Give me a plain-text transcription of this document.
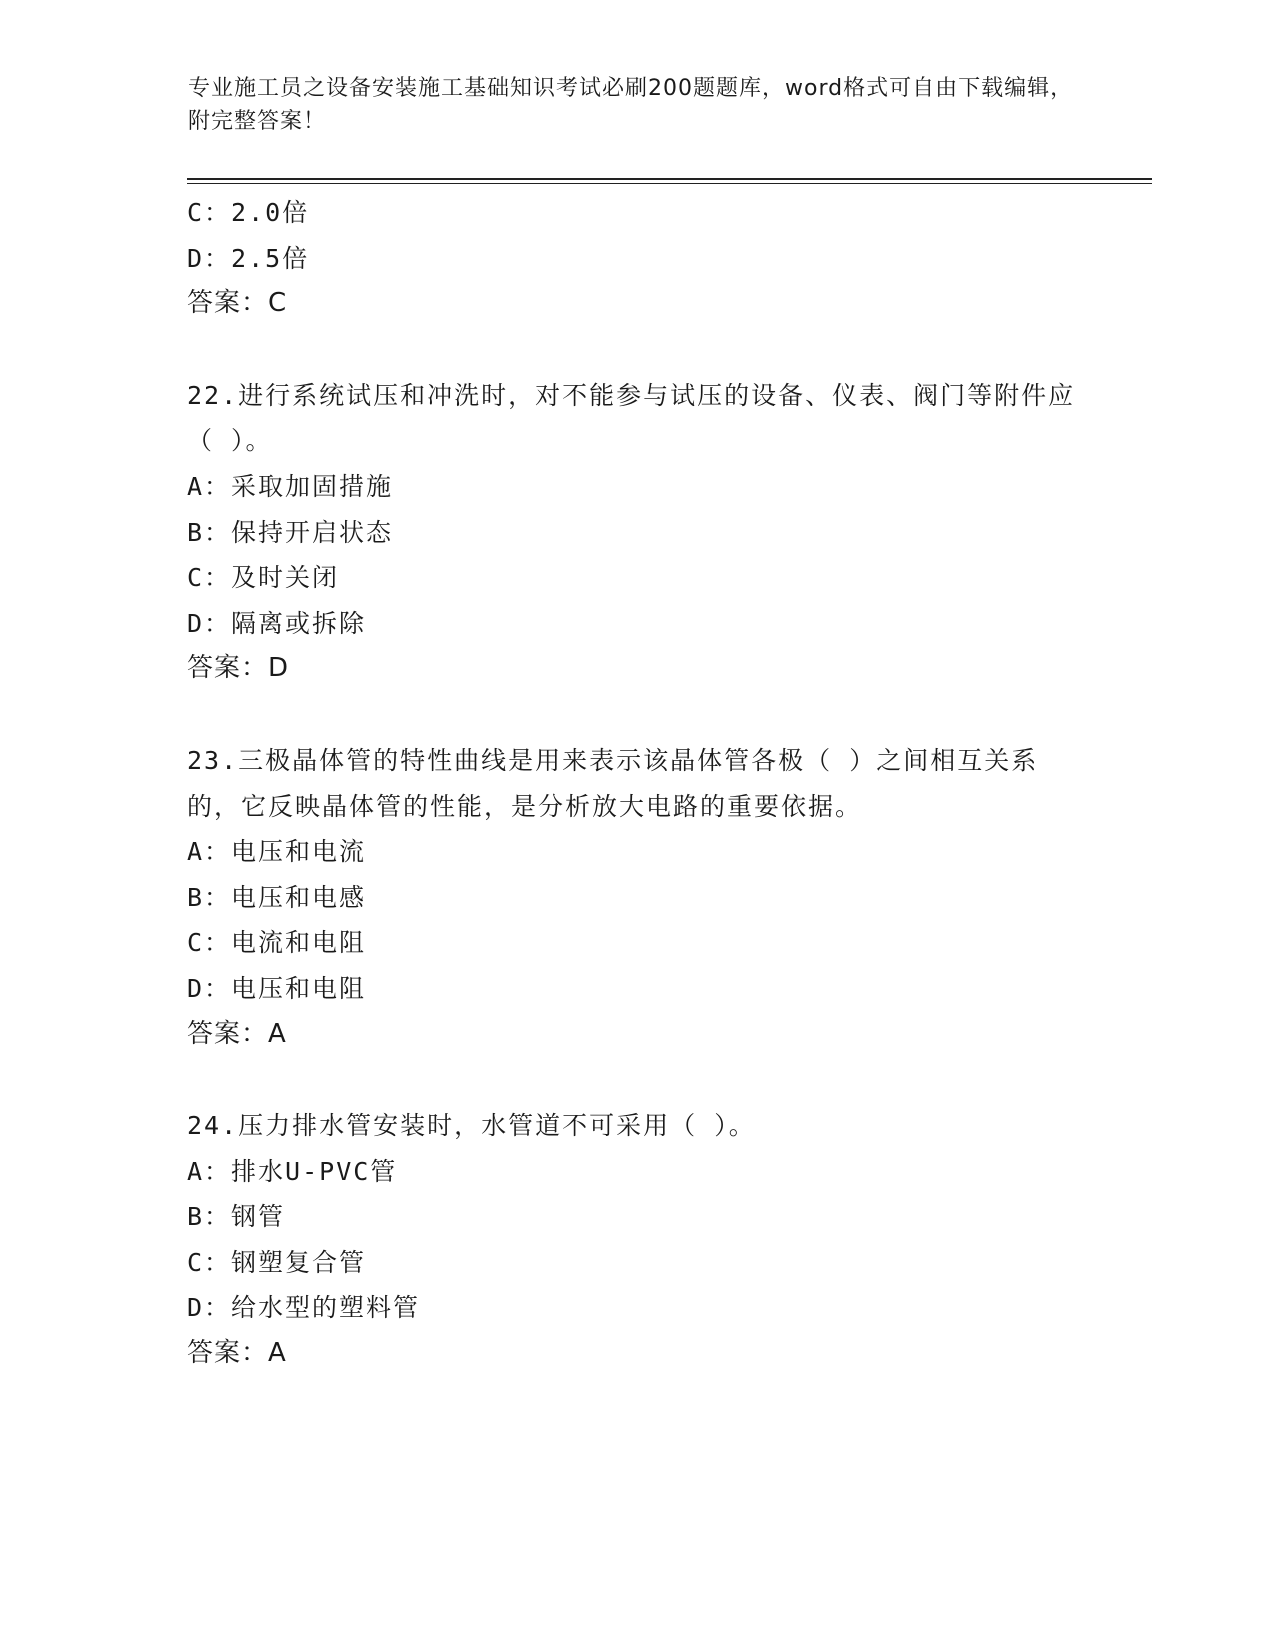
专业施工员之设备安装施工基础知识考试必刷200题题库，word格式可自由下载编辑，附完整答案！
C：2.0倍
D：2.5倍
答案：C
22.进行系统试压和冲洗时，对不能参与试压的设备、仪表、阀门等附件应（ ）。
A：采取加固措施
B：保持开启状态
C：及时关闭
D：隔离或拆除
答案：D
23.三极晶体管的特性曲线是用来表示该晶体管各极（ ）之间相互关系的，它反映晶体管的性能，是分析放大电路的重要依据。
A：电压和电流
B：电压和电感
C：电流和电阻
D：电压和电阻
答案：A
24.压力排水管安装时，水管道不可采用（ ）。
A：排水U-PVC管
B：钢管
C：钢塑复合管
D：给水型的塑料管
答案：A
